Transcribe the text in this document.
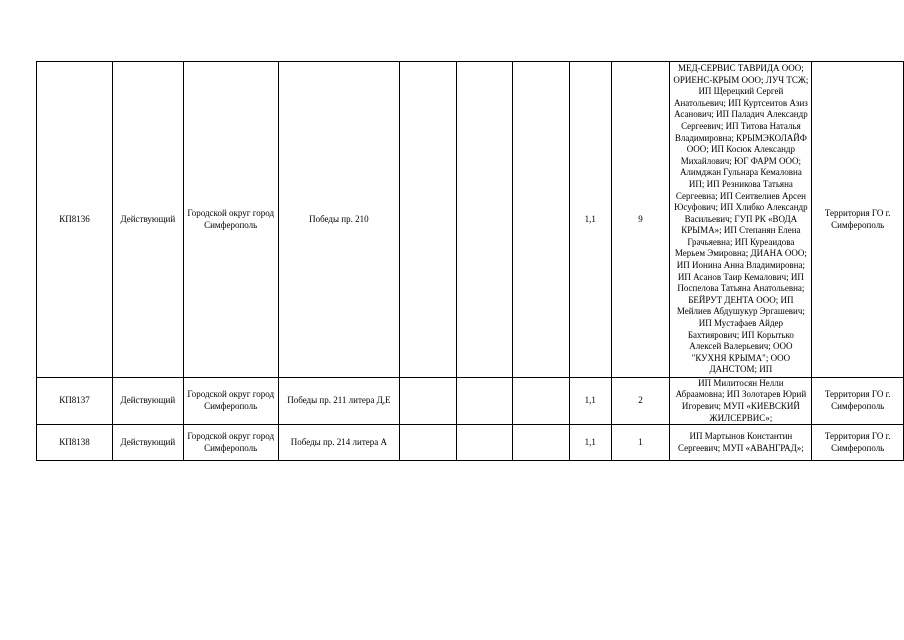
КП8136	Действующий	Городской округ город Симферополь	Победы пр. 210				1,1	9	МЕД-СЕРВИС ТАВРИДА ООО; ОРИЕНС-КРЫМ ООО; ЛУЧ ТСЖ; ИП Щерецкий Сергей Анатольевич; ИП Куртсеитов Азиз Асанович; ИП Паладич Александр Сергеевич; ИП Титова Наталья Владимировна; КРЫМЭКОЛАЙФ ООО; ИП Косюк Александр Михайлович; ЮГ ФАРМ ООО; Алимджан Гульнара Кемаловна ИП; ИП Резникова Татьяна Сергеевна; ИП Сеитвелиев Арсен Юсуфович; ИП Хлибко Александр Васильевич; ГУП РК «ВОДА КРЫМА»; ИП Степанян Елена Грачьяевна; ИП Куреаидова Мерьем Эмировна; ДИАНА ООО; ИП Ионина Анна Владимировна; ИП Асанов Таир Кемалович; ИП Поспелова Татьяна Анатольевна; БЕЙРУТ ДЕНТА ООО; ИП Мейлиев Абдушукур Эргашевич; ИП Мустафаев Айдер Бахтиярович; ИП Корытько Алексей Валерьевич; ООО "КУХНЯ КРЫМА"; ООО ДАНСТОМ; ИП	Территория ГО г. Симферополь
КП8137	Действующий	Городской округ город Симферополь	Победы пр. 211 литера Д,Е				1,1	2	ИП Милитосян Нелли Абраамовна; ИП Золотарев Юрий Игоревич; МУП «КИЕВСКИЙ ЖИЛСЕРВИС»;	Территория ГО г. Симферополь
КП8138	Действующий	Городской округ город Симферополь	Победы пр. 214 литера А				1,1	1	ИП Мартынов Константин Сергеевич; МУП «АВАНГРАД»;	Территория ГО г. Симферополь
